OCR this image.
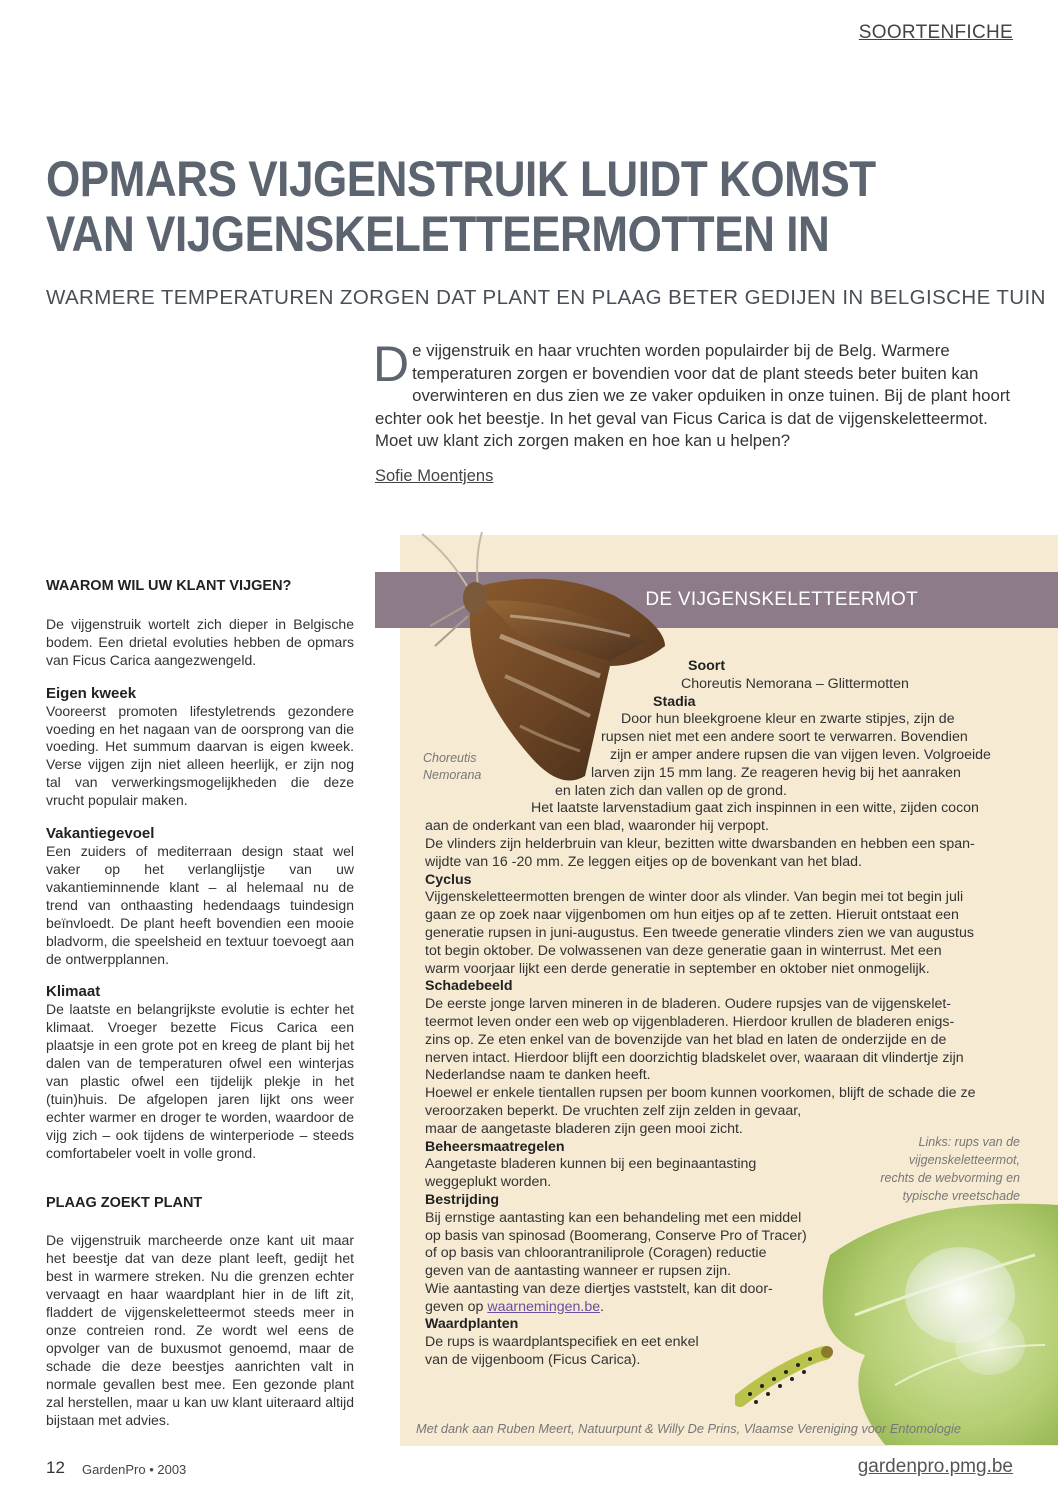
SOORTENFICHE
OPMARS VIJGENSTRUIK LUIDT KOMST
VAN VIJGENSKELETTEERMOTTEN IN
WARMERE TEMPERATUREN ZORGEN DAT PLANT EN PLAAG BETER GEDIJEN IN BELGISCHE TUIN
D e vijgenstruik en haar vruchten worden populairder bij de Belg. Warmere
temperaturen zorgen er bovendien voor dat de plant steeds beter buiten kan
overwinteren en dus zien we ze vaker opduiken in onze tuinen. Bij de plant hoort
echter ook het beestje. In het geval van Ficus Carica is dat de vijgenskeletteermot.
Moet uw klant zich zorgen maken en hoe kan u helpen?
Sofie Moentjens
WAAROM WIL UW KLANT VIJGEN?

De vijgenstruik wortelt zich dieper in Belgische bodem. Een drietal evoluties hebben de opmars van Ficus Carica aangezwengeld.

Eigen kweek

Vooreerst promoten lifestyletrends gezondere voeding en het nagaan van de oorsprong van die voeding. Het summum daarvan is eigen kweek. Verse vijgen zijn niet alleen heerlijk, er zijn nog tal van verwerkingsmogelijkheden die deze vrucht populair maken.

Vakantiegevoel

Een zuiders of mediterraan design staat wel vaker op het verlanglijstje van uw vakantieminnende klant – al helemaal nu de trend van onthaasting hedendaags tuindesign beïnvloedt. De plant heeft bovendien een mooie bladvorm, die speelsheid en textuur toevoegt aan de ontwerpplannen.

Klimaat

De laatste en belangrijkste evolutie is echter het klimaat. Vroeger bezette Ficus Carica een plaatsje in een grote pot en kreeg de plant bij het dalen van de temperaturen ofwel een winterjas van plastic ofwel een tijdelijk plekje in het (tuin)huis. De afgelopen jaren lijkt ons weer echter warmer en droger te worden, waardoor de vijg zich – ook tijdens de winterperiode – steeds comfortabeler voelt in volle grond.

PLAAG ZOEKT PLANT

De vijgenstruik marcheerde onze kant uit maar het beestje dat van deze plant leeft, gedijt het best in warmere streken. Nu die grenzen echter vervaagt en haar waardplant hier in de lift zit, fladdert de vijgenskeletteermot steeds meer in onze contreien rond. Ze wordt wel eens de opvolger van de buxusmot genoemd, maar de schade die deze beestjes aanrichten valt in normale gevallen best mee. Een gezonde plant zal herstellen, maar u kan uw klant uiteraard altijd bijstaan met advies.

DE VIJGENSKELETTEERMOT
Choreutis
Nemorana
Soort
Choreutis Nemorana – Glittermotten
Stadia
Door hun bleekgroene kleur en zwarte stipjes, zijn de
rupsen niet met een andere soort te verwarren. Bovendien
zijn er amper andere rupsen die van vijgen leven. Volgroeide
larven zijn 15 mm lang. Ze reageren hevig bij het aanraken
en laten zich dan vallen op de grond.
Het laatste larvenstadium gaat zich inspinnen in een witte, zijden cocon
aan de onderkant van een blad, waaronder hij verpopt.
De vlinders zijn helderbruin van kleur, bezitten witte dwarsbanden en hebben een span-
wijdte van 16 -20 mm. Ze leggen eitjes op de bovenkant van het blad.
Cyclus
Vijgenskeletteermotten brengen de winter door als vlinder. Van begin mei tot begin juli
gaan ze op zoek naar vijgenbomen om hun eitjes op af te zetten. Hieruit ontstaat een
generatie rupsen in juni-augustus. Een tweede generatie vlinders zien we van augustus
tot begin oktober. De volwassenen van deze generatie gaan in winterrust. Met een
warm voorjaar lijkt een derde generatie in september en oktober niet onmogelijk.
Schadebeeld
De eerste jonge larven mineren in de bladeren. Oudere rupsjes van de vijgenskelet-
teermot leven onder een web op vijgenbladeren. Hierdoor krullen de bladeren enigs-
zins op. Ze eten enkel van de bovenzijde van het blad en laten de onderzijde en de
nerven intact. Hierdoor blijft een doorzichtig bladskelet over, waaraan dit vlindertje zijn
Nederlandse naam te danken heeft.
Hoewel er enkele tientallen rupsen per boom kunnen voorkomen, blijft de schade die ze
veroorzaken beperkt. De vruchten zelf zijn zelden in gevaar,
maar de aangetaste bladeren zijn geen mooi zicht.
Beheersmaatregelen
Aangetaste bladeren kunnen bij een beginaantasting
weggeplukt worden.
Bestrijding
Bij ernstige aantasting kan een behandeling met een middel
op basis van spinosad (Boomerang, Conserve Pro of Tracer)
of op basis van chloorantraniliprole (Coragen) reductie
geven van de aantasting wanneer er rupsen zijn.
Wie aantasting van deze diertjes vaststelt, kan dit door-
geven op waarnemingen.be.
Waardplanten
De rups is waardplantspecifiek en eet enkel
van de vijgenboom (Ficus Carica).
Links: rups van de
vijgenskeletteermot,
rechts de webvorming en
typische vreetschade
Met dank aan Ruben Meert, Natuurpunt & Willy De Prins, Vlaamse Vereniging voor Entomologie
12 GardenPro • 2003	gardenpro.pmg.be
